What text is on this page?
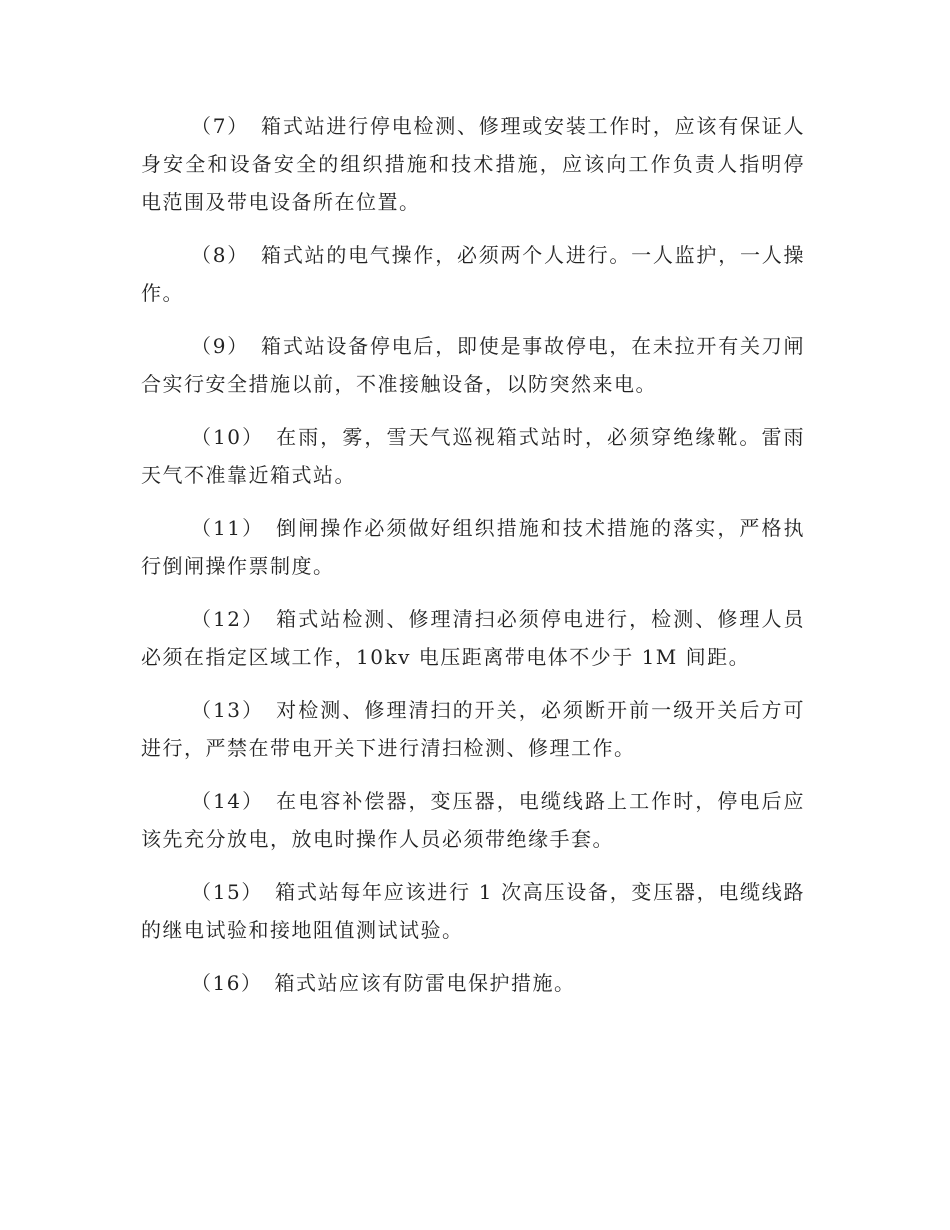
（7） 箱式站进行停电检测、修理或安装工作时，应该有保证人身安全和设备安全的组织措施和技术措施，应该向工作负责人指明停电范围及带电设备所在位置。

（8） 箱式站的电气操作，必须两个人进行。一人监护，一人操作。

（9） 箱式站设备停电后，即使是事故停电，在未拉开有关刀闸合实行安全措施以前，不准接触设备，以防突然来电。

（10） 在雨，雾，雪天气巡视箱式站时，必须穿绝缘靴。雷雨天气不准靠近箱式站。

（11） 倒闸操作必须做好组织措施和技术措施的落实，严格执行倒闸操作票制度。

（12） 箱式站检测、修理清扫必须停电进行，检测、修理人员必须在指定区域工作，10kv 电压距离带电体不少于 1M 间距。

（13） 对检测、修理清扫的开关，必须断开前一级开关后方可进行，严禁在带电开关下进行清扫检测、修理工作。

（14） 在电容补偿器，变压器，电缆线路上工作时，停电后应该先充分放电，放电时操作人员必须带绝缘手套。

（15） 箱式站每年应该进行 1 次高压设备，变压器，电缆线路的继电试验和接地阻值测试试验。

（16） 箱式站应该有防雷电保护措施。
